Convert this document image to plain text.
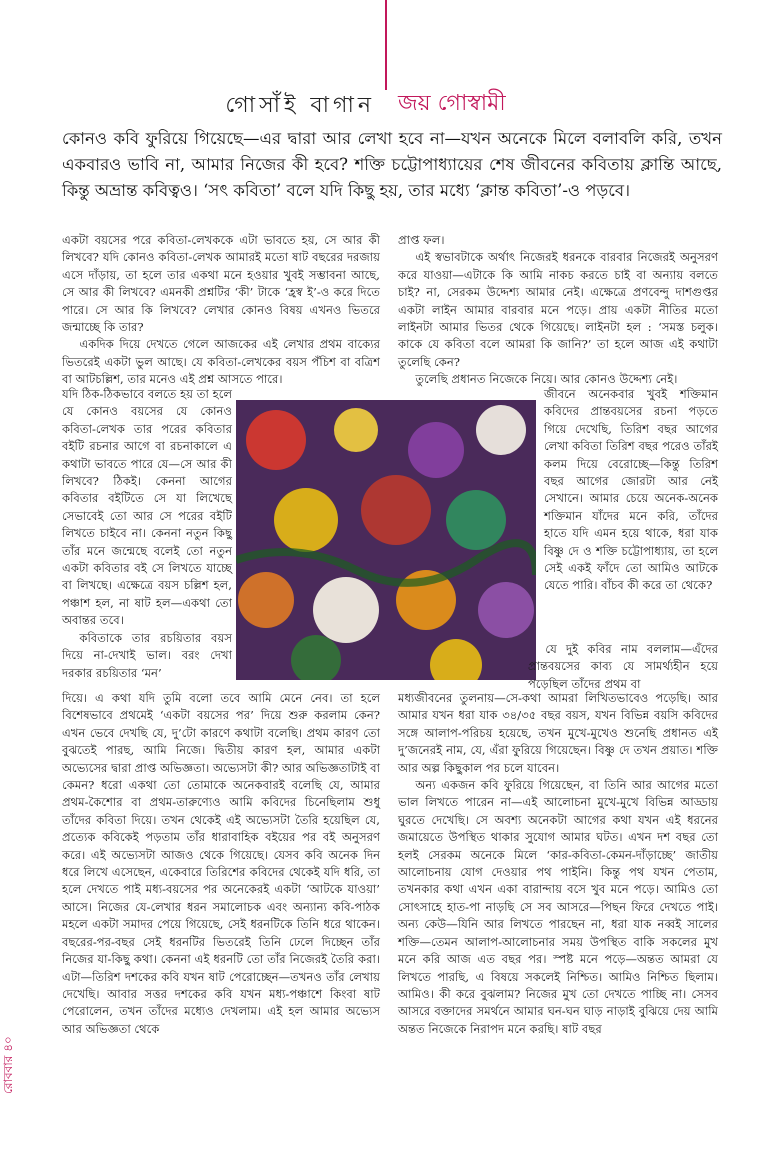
গোসাঁই বাগান জয় গোস্বামী
কোনও কবি ফুরিয়ে গিয়েছে—এর দ্বারা আর লেখা হবে না—যখন অনেকে মিলে বলাবলি করি, তখন একবারও ভাবি না, আমার নিজের কী হবে? শক্তি চট্টোপাধ্যায়ের শেষ জীবনের কবিতায় ক্লান্তি আছে, কিন্তু অভ্রান্ত কবিত্বও। ‘সৎ কবিতা’ বলে যদি কিছু হয়, তার মধ্যে ‘ক্লান্ত কবিতা’-ও পড়বে।

একটা বয়সের পরে কবিতা-লেখককে এটা ভাবতে হয়, সে আর কী লিখবে? যদি কোনও কবিতা-লেখক আমারই মতো ষাট বছরের দরজায় এসে দাঁড়ায়, তা হলে তার একথা মনে হওয়ার খুবই সম্ভাবনা আছে, সে আর কী লিখবে? এমনকী প্রশ্নটির ‘কী’ টাকে ‘হ্রস্ব ই’-ও করে দিতে পারে। সে আর কি লিখবে? লেখার কোনও বিষয় এখনও ভিতরে জন্মাচ্ছে কি তার?

একদিক দিয়ে দেখতে গেলে আজকের এই লেখার প্রথম বাক্যের ভিতরেই একটা ভুল আছে। যে কবিতা-লেখকের বয়স পঁচিশ বা বত্রিশ বা আটচল্লিশ, তার মনেও এই প্রশ্ন আসতে পারে।

যদি ঠিক-ঠিকভাবে বলতে হয় তা হলে যে কোনও বয়সের যে কোনও কবিতা-লেখক তার পরের কবিতার বইটি রচনার আগে বা রচনাকালে এ কথাটা ভাবতে পারে যে—সে আর কী লিখবে? ঠিকই। কেননা আগের কবিতার বইটিতে সে যা লিখেছে সেভাবেই তো আর সে পরের বইটি লিখতে চাইবে না। কেননা নতুন কিছু তাঁর মনে জন্মেছে বলেই তো নতুন একটা কবিতার বই সে লিখতে যাচ্ছে বা লিখছে। এক্ষেত্রে বয়স চল্লিশ হল, পঞ্চাশ হল, না ষাট হল—একথা তো অবান্তর তবে।

কবিতাকে তার রচয়িতার বয়স দিয়ে না-দেখাই ভাল। বরং দেখা দরকার রচয়িতার ‘মন’

প্রাপ্ত ফল।

এই স্বভাবটাকে অর্থাৎ নিজেরই ধরনকে বারবার নিজেরই অনুসরণ করে যাওয়া—এটাকে কি আমি নাকচ করতে চাই বা অন্যায় বলতে চাই? না, সেরকম উদ্দেশ্য আমার নেই। এক্ষেত্রে প্রণবেন্দু দাশগুপ্তর একটা লাইন আমার বারবার মনে পড়ে। প্রায় একটা নীতির মতো লাইনটা আমার ভিতর থেকে গিয়েছে। লাইনটা হল : ‘সমস্ত চলুক। কাকে যে কবিতা বলে আমরা কি জানি?’ তা হলে আজ এই কথাটা তুলেছি কেন?

তুলেছি প্রধানত নিজেকে নিয়ে। আর কোনও উদ্দেশ্য নেই।

জীবনে অনেকবার খুবই শক্তিমান কবিদের প্রান্তবয়সের রচনা পড়তে গিয়ে দেখেছি, তিরিশ বছর আগের লেখা কবিতা তিরিশ বছর পরেও তাঁরই কলম দিয়ে বেরোচ্ছে—কিন্তু তিরিশ বছর আগের জোরটা আর নেই সেখানে। আমার চেয়ে অনেক-অনেক শক্তিমান যাঁদের মনে করি, তাঁদের হাতে যদি এমন হয়ে থাকে, ধরা যাক বিষ্ণু দে ও শক্তি চট্টোপাধ্যায়, তা হলে সেই একই ফাঁদে তো আমিও আটকে যেতে পারি। বাঁচব কী করে তা থেকে?

যে দুই কবির নাম বললাম—এঁদের প্রান্তবয়সের কাব্য যে সামর্থ্যহীন হয়ে পড়েছিল তাঁদের প্রথম বা

দিয়ে। এ কথা যদি তুমি বলো তবে আমি মেনে নেব। তা হলে বিশেষভাবে প্রথমেই ‘একটা বয়সের পর’ দিয়ে শুরু করলাম কেন? এখন ভেবে দেখছি যে, দু’টো কারণে কথাটা বলেছি। প্রথম কারণ তো বুঝতেই পারছ, আমি নিজে। দ্বিতীয় কারণ হল, আমার একটা অভ্যেসের দ্বারা প্রাপ্ত অভিজ্ঞতা। অভ্যেসটা কী? আর অভিজ্ঞতাটাই বা কেমন? ধরো একথা তো তোমাকে অনেকবারই বলেছি যে, আমার প্রথম-কৈশোর বা প্রথম-তারুণ্যেও আমি কবিদের চিনেছিলাম শুধু তাঁদের কবিতা দিয়ে। তখন থেকেই এই অভ্যেসটা তৈরি হয়েছিল যে, প্রত্যেক কবিকেই পড়তাম তাঁর ধারাবাহিক বইয়ের পর বই অনুসরণ করে। এই অভ্যেসটা আজও থেকে গিয়েছে। যেসব কবি অনেক দিন ধরে লিখে এসেছেন, একেবারে তিরিশের কবিদের থেকেই যদি ধরি, তা হলে দেখতে পাই মধ্য-বয়সের পর অনেকেরই একটা ‘আটকে যাওয়া’ আসে। নিজের যে-লেখার ধরন সমালোচক এবং অন্যান্য কবি-পাঠক মহলে একটা সমাদর পেয়ে গিয়েছে, সেই ধরনটিকে তিনি ধরে থাকেন। বছরের-পর-বছর সেই ধরনটির ভিতরেই তিনি ঢেলে দিচ্ছেন তাঁর নিজের যা-কিছু কথা। কেননা এই ধরনটি তো তাঁর নিজেরই তৈরি করা। এটা—তিরিশ দশকের কবি যখন ষাট পেরোচ্ছেন—তখনও তাঁর লেখায় দেখেছি। আবার সত্তর দশকের কবি যখন মধ্য-পঞ্চাশে কিংবা ষাট পেরোলেন, তখন তাঁদের মধ্যেও দেখলাম। এই হল আমার অভ্যেস আর অভিজ্ঞতা থেকে

মধ্যজীবনের তুলনায়—সে-কথা আমরা লিখিতভাবেও পড়েছি। আর আমার যখন ধরা যাক ৩৪/৩৫ বছর বয়স, যখন বিভিন্ন বয়সি কবিদের সঙ্গে আলাপ-পরিচয় হয়েছে, তখন মুখে-মুখেও শুনেছি প্রধানত এই দু’জনেরই নাম, যে, এঁরা ফুরিয়ে গিয়েছেন। বিষ্ণু দে তখন প্রয়াত। শক্তি আর অল্প কিছুকাল পর চলে যাবেন।

অন্য একজন কবি ফুরিয়ে গিয়েছেন, বা তিনি আর আগের মতো ভাল লিখতে পারেন না—এই আলোচনা মুখে-মুখে বিভিন্ন আড্ডায় ঘুরতে দেখেছি। সে অবশ্য অনেকটা আগের কথা যখন এই ধরনের জমায়েতে উপস্থিত থাকার সুযোগ আমার ঘটত। এখন দশ বছর তো হলই সেরকম অনেকে মিলে ‘কার-কবিতা-কেমন-দাঁড়াচ্ছে’ জাতীয় আলোচনায় যোগ দেওয়ার পথ পাইনি। কিন্তু পথ যখন পেতাম, তখনকার কথা এখন একা বারান্দায় বসে খুব মনে পড়ে। আমিও তো সোৎসাহে হাত-পা নাড়ছি সে সব আসরে—পিছন ফিরে দেখতে পাই। অন্য কেউ—যিনি আর লিখতে পারছেন না, ধরা যাক নব্বই সালের শক্তি—তেমন আলাপ-আলোচনার সময় উপস্থিত বাকি সকলের মুখ মনে করি আজ এত বছর পর। স্পষ্ট মনে পড়ে—অন্তত আমরা যে লিখতে পারছি, এ বিষয়ে সকলেই নিশ্চিত। আমিও নিশ্চিত ছিলাম। আমিও। কী করে বুঝলাম? নিজের মুখ তো দেখতে পাচ্ছি না। সেসব আসরে বক্তাদের সমর্থনে আমার ঘন-ঘন ঘাড় নাড়াই বুঝিয়ে দেয় আমি অন্তত নিজেকে নিরাপদ মনে করছি। ষাট বছর

রোববার ৪০
